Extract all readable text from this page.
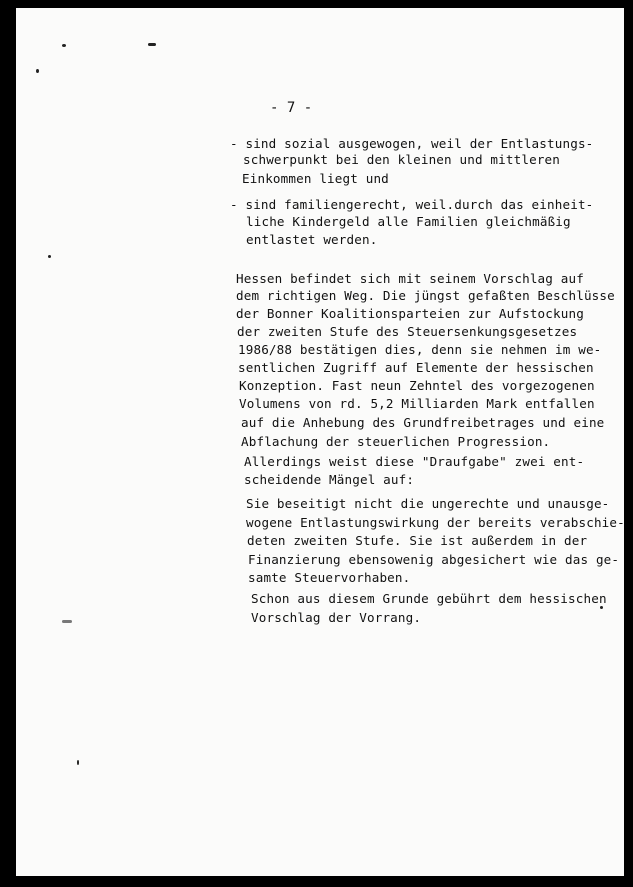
- 7 -
- sind sozial ausgewogen, weil der Entlastungs-
schwerpunkt bei den kleinen und mittleren
Einkommen liegt und
- sind familiengerecht, weil.durch das einheit-
liche Kindergeld alle Familien gleichmäßig
entlastet werden.
Hessen befindet sich mit seinem Vorschlag auf
dem richtigen Weg. Die jüngst gefaßten Beschlüsse
der Bonner Koalitionsparteien zur Aufstockung
der zweiten Stufe des Steuersenkungsgesetzes
1986/88 bestätigen dies, denn sie nehmen im we-
sentlichen Zugriff auf Elemente der hessischen
Konzeption. Fast neun Zehntel des vorgezogenen
Volumens von rd. 5,2 Milliarden Mark entfallen
auf die Anhebung des Grundfreibetrages und eine
Abflachung der steuerlichen Progression.
Allerdings weist diese "Draufgabe" zwei ent-
scheidende Mängel auf:
Sie beseitigt nicht die ungerechte und unausge-
wogene Entlastungswirkung der bereits verabschie-
deten zweiten Stufe. Sie ist außerdem in der
Finanzierung ebensowenig abgesichert wie das ge-
samte Steuervorhaben.
Schon aus diesem Grunde gebührt dem hessischen
Vorschlag der Vorrang.
